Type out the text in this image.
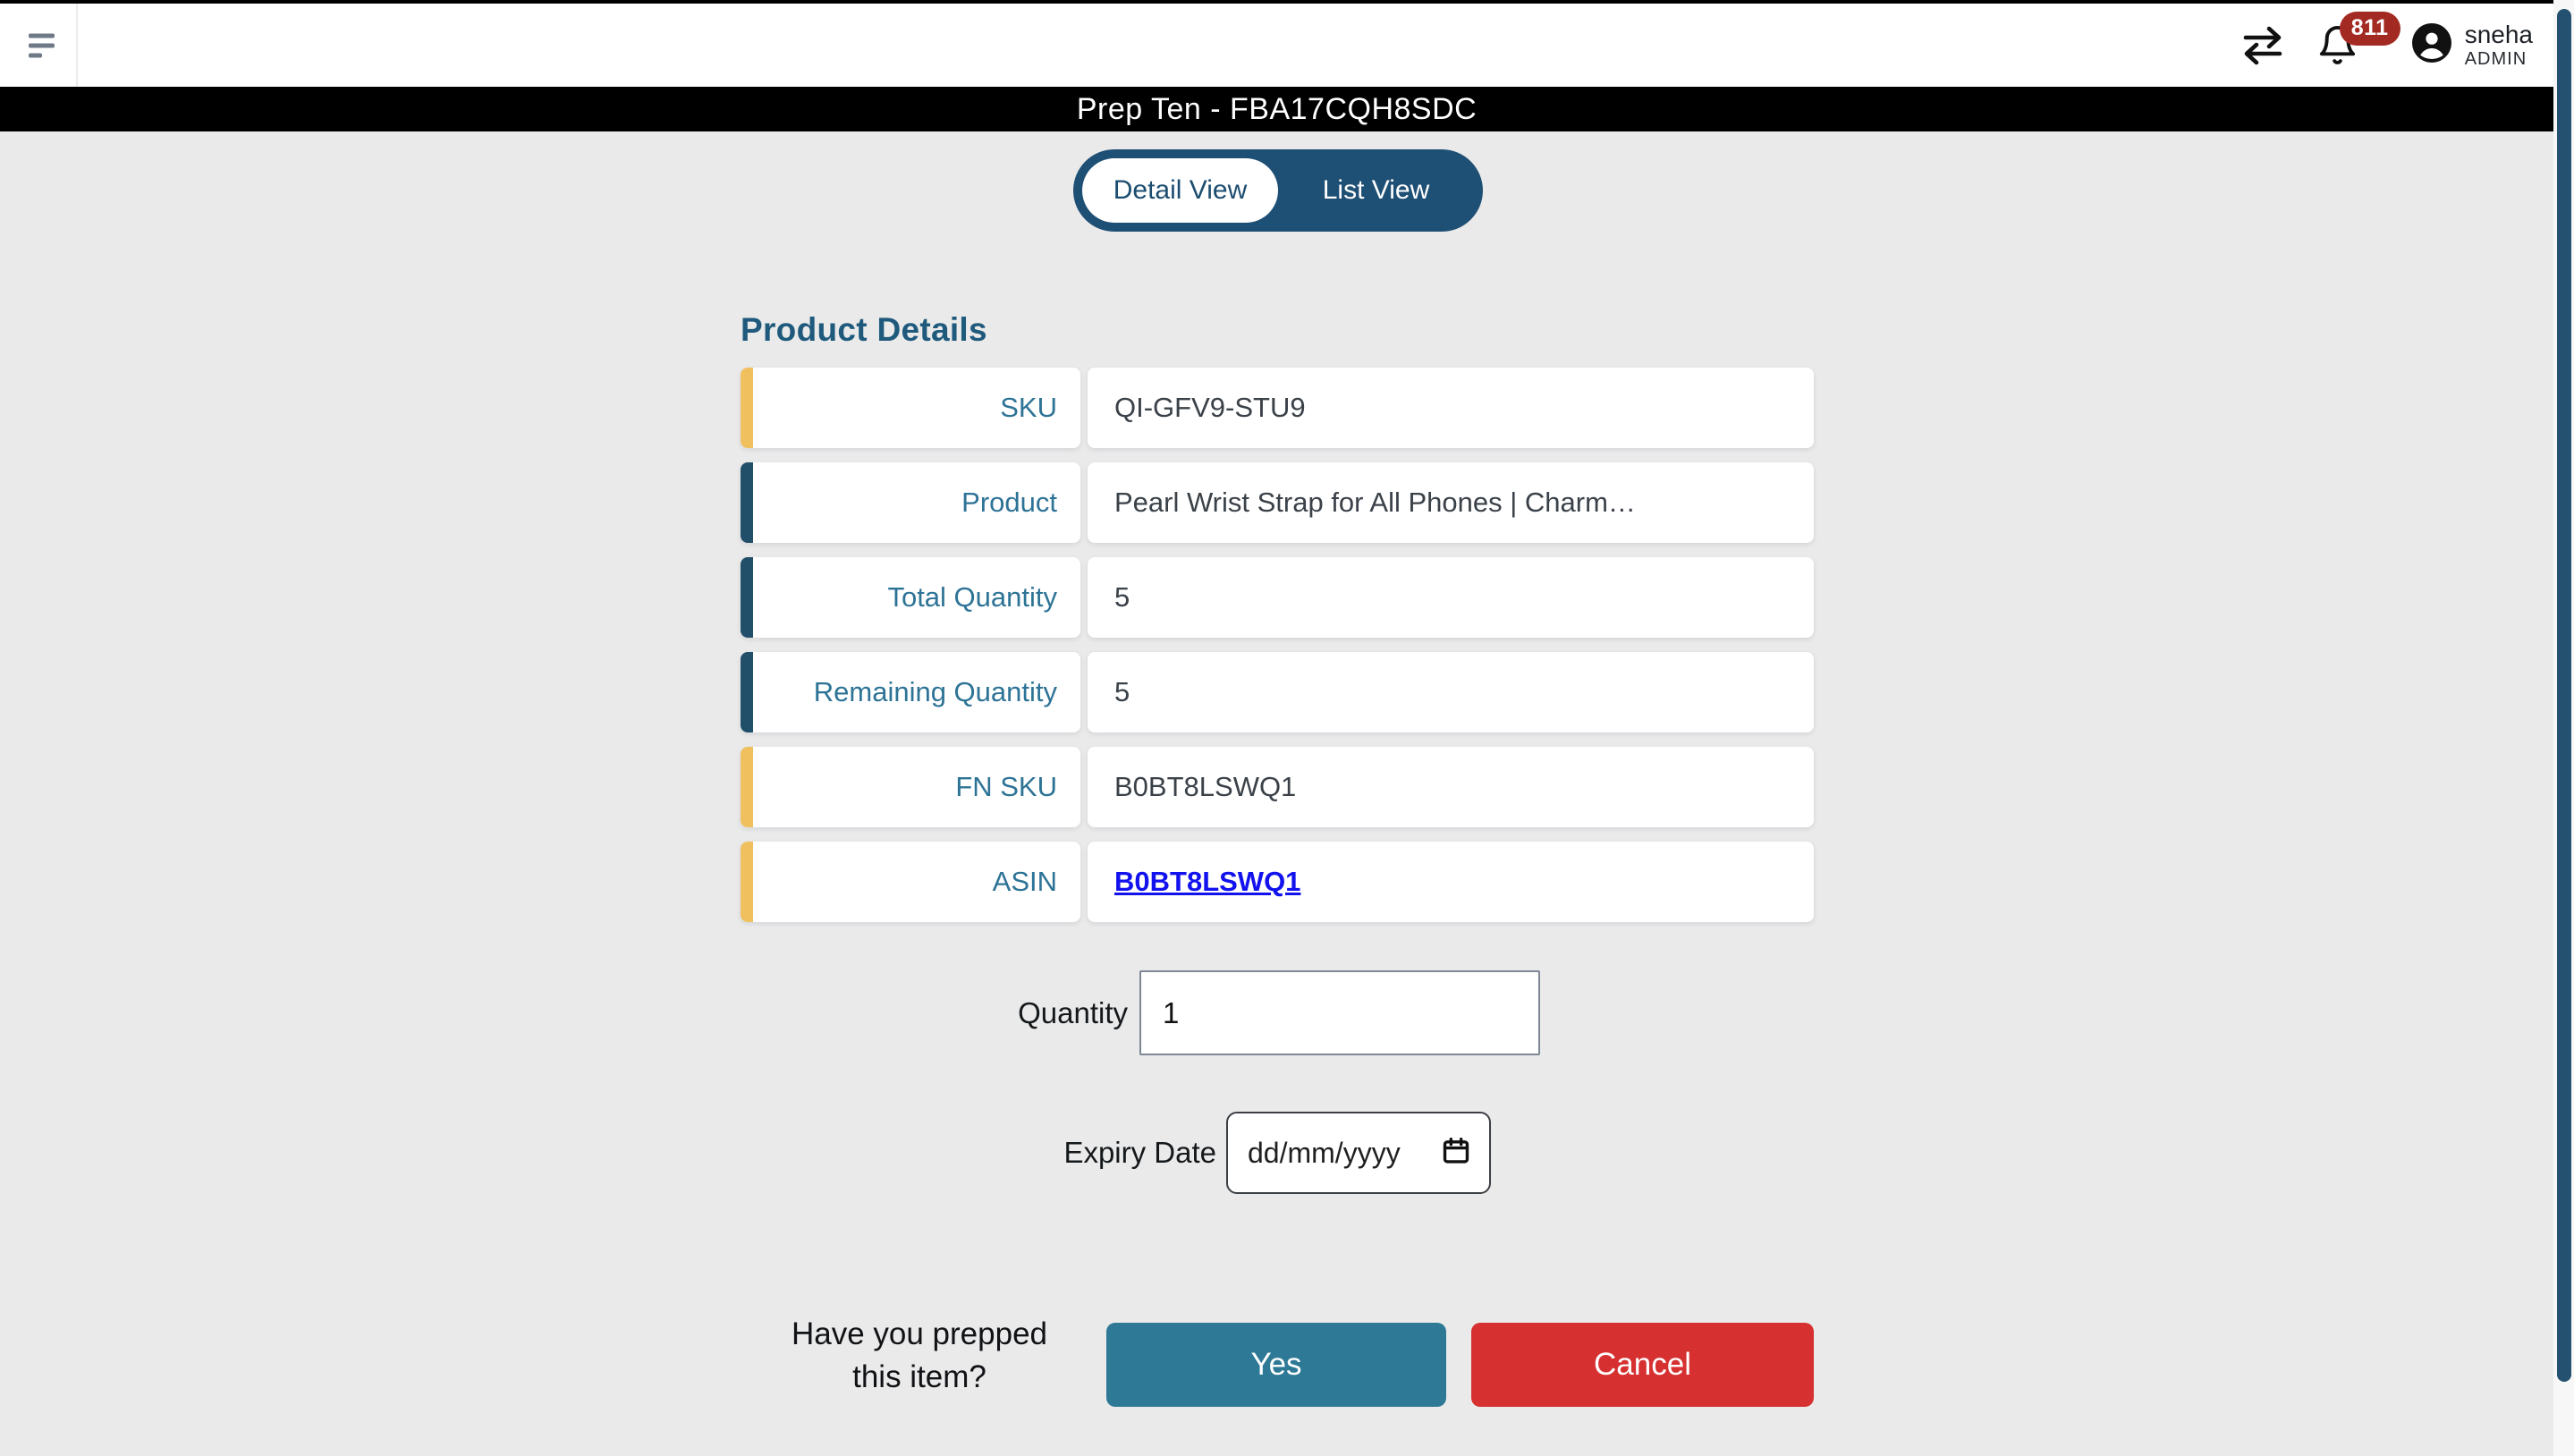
811	sneha
ADMIN
Prep Ten - FBA17CQH8SDC
Detail View	List View
Product Details
SKU QI-GFV9-STU9
Product Pearl Wrist Strap for All Phones | Charm…
Total Quantity 5
Remaining Quantity 5
FN SKU B0BT8LSWQ1
ASIN B0BT8LSWQ1
Quantity
1
Expiry Date dd/mm/yyyy
Have you prepped
this item?	Yes	Cancel
